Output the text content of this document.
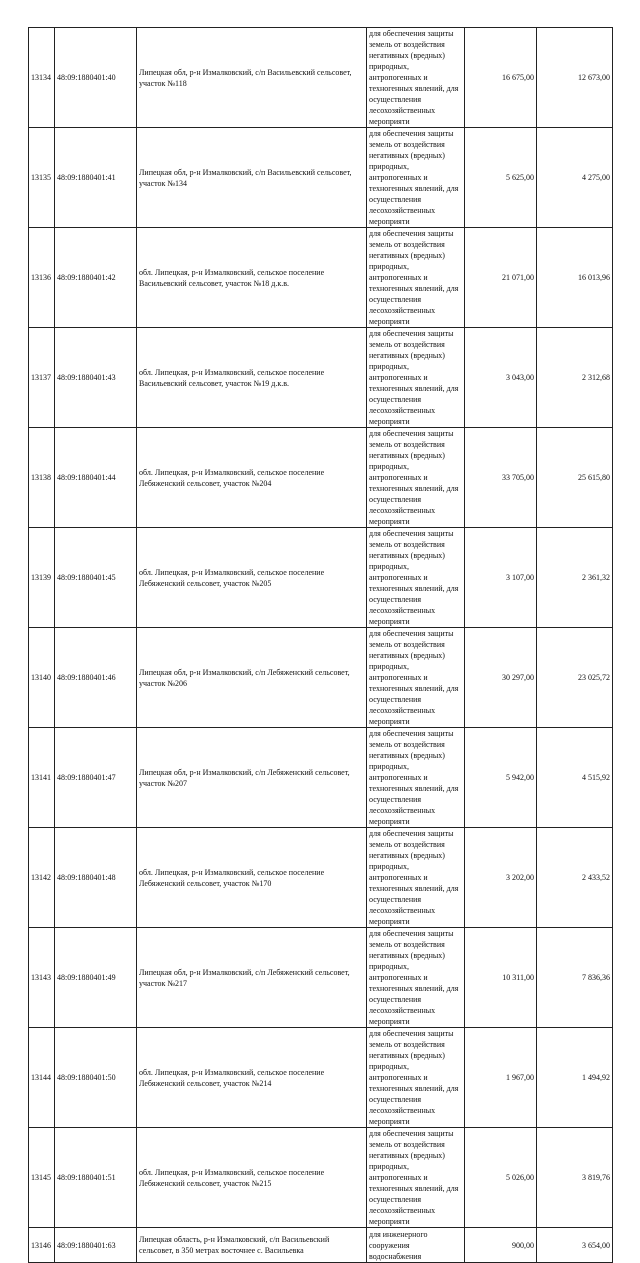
13134	48:09:1880401:40	Липецкая обл, р-н Измалковский, с/п Васильевский сельсовет, участок №118	для обеспечения защиты земель от воздействия негативных (вредных) природных, антропогенных и техногенных явлений, для осуществления лесохозяйственных мероприяти	16 675,00	12 673,00
13135	48:09:1880401:41	Липецкая обл, р-н Измалковский, с/п Васильевский сельсовет, участок №134	для обеспечения защиты земель от воздействия негативных (вредных) природных, антропогенных и техногенных явлений, для осуществления лесохозяйственных мероприяти	5 625,00	4 275,00
13136	48:09:1880401:42	обл. Липецкая, р-н Измалковский, сельское поселение Васильевский сельсовет, участок №18 д.к.в.	для обеспечения защиты земель от воздействия негативных (вредных) природных, антропогенных и техногенных явлений, для осуществления лесохозяйственных мероприяти	21 071,00	16 013,96
13137	48:09:1880401:43	обл. Липецкая, р-н Измалковский, сельское поселение Васильевский сельсовет, участок №19 д.к.в.	для обеспечения защиты земель от воздействия негативных (вредных) природных, антропогенных и техногенных явлений, для осуществления лесохозяйственных мероприяти	3 043,00	2 312,68
13138	48:09:1880401:44	обл. Липецкая, р-н Измалковский, сельское поселение Лебяженский сельсовет, участок №204	для обеспечения защиты земель от воздействия негативных (вредных) природных, антропогенных и техногенных явлений, для осуществления лесохозяйственных мероприяти	33 705,00	25 615,80
13139	48:09:1880401:45	обл. Липецкая, р-н Измалковский, сельское поселение Лебяженский сельсовет, участок №205	для обеспечения защиты земель от воздействия негативных (вредных) природных, антропогенных и техногенных явлений, для осуществления лесохозяйственных мероприяти	3 107,00	2 361,32
13140	48:09:1880401:46	Липецкая обл, р-н Измалковский, с/п Лебяженский сельсовет, участок №206	для обеспечения защиты земель от воздействия негативных (вредных) природных, антропогенных и техногенных явлений, для осуществления лесохозяйственных мероприяти	30 297,00	23 025,72
13141	48:09:1880401:47	Липецкая обл, р-н Измалковский, с/п Лебяженский сельсовет, участок №207	для обеспечения защиты земель от воздействия негативных (вредных) природных, антропогенных и техногенных явлений, для осуществления лесохозяйственных мероприяти	5 942,00	4 515,92
13142	48:09:1880401:48	обл. Липецкая, р-н Измалковский, сельское поселение Лебяженский сельсовет, участок №170	для обеспечения защиты земель от воздействия негативных (вредных) природных, антропогенных и техногенных явлений, для осуществления лесохозяйственных мероприяти	3 202,00	2 433,52
13143	48:09:1880401:49	Липецкая обл, р-н Измалковский, с/п Лебяженский сельсовет, участок №217	для обеспечения защиты земель от воздействия негативных (вредных) природных, антропогенных и техногенных явлений, для осуществления лесохозяйственных мероприяти	10 311,00	7 836,36
13144	48:09:1880401:50	обл. Липецкая, р-н Измалковский, сельское поселение Лебяженский сельсовет, участок №214	для обеспечения защиты земель от воздействия негативных (вредных) природных, антропогенных и техногенных явлений, для осуществления лесохозяйственных мероприяти	1 967,00	1 494,92
13145	48:09:1880401:51	обл. Липецкая, р-н Измалковский, сельское поселение Лебяженский сельсовет, участок №215	для обеспечения защиты земель от воздействия негативных (вредных) природных, антропогенных и техногенных явлений, для осуществления лесохозяйственных мероприяти	5 026,00	3 819,76
13146	48:09:1880401:63	Липецкая область, р-н Измалковский, с/п Васильевский сельсовет, в 350 метрах восточнее с. Васильевка	для инженерного сооружения водоснабжения	900,00	3 654,00
